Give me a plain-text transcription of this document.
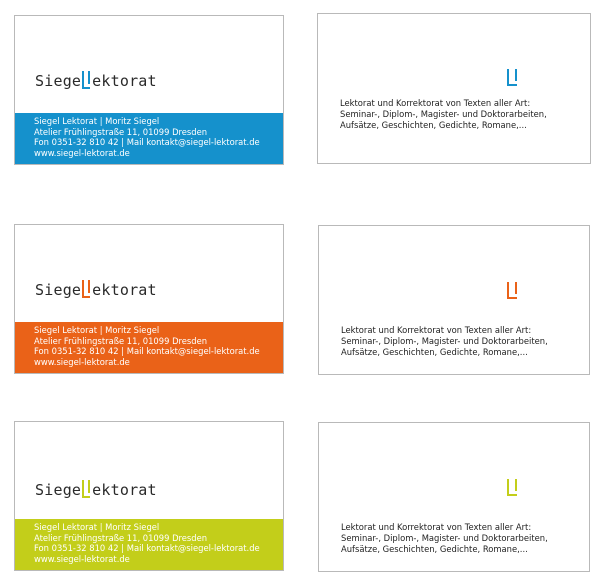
Siege ektorat
Siegel Lektorat | Moritz Siegel
Atelier Frühlingstraße 11, 01099 Dresden
Fon 0351-32 810 42 | Mail kontakt@siegel-lektorat.de
www.siegel-lektorat.de
Lektorat und Korrektorat von Texten aller Art:
Seminar-, Diplom-, Magister- und Doktorarbeiten,
Aufsätze, Geschichten, Gedichte, Romane,...
Siege ektorat
Siegel Lektorat | Moritz Siegel
Atelier Frühlingstraße 11, 01099 Dresden
Fon 0351-32 810 42 | Mail kontakt@siegel-lektorat.de
www.siegel-lektorat.de
Lektorat und Korrektorat von Texten aller Art:
Seminar-, Diplom-, Magister- und Doktorarbeiten,
Aufsätze, Geschichten, Gedichte, Romane,...
Siege ektorat
Siegel Lektorat | Moritz Siegel
Atelier Frühlingstraße 11, 01099 Dresden
Fon 0351-32 810 42 | Mail kontakt@siegel-lektorat.de
www.siegel-lektorat.de
Lektorat und Korrektorat von Texten aller Art:
Seminar-, Diplom-, Magister- und Doktorarbeiten,
Aufsätze, Geschichten, Gedichte, Romane,...
